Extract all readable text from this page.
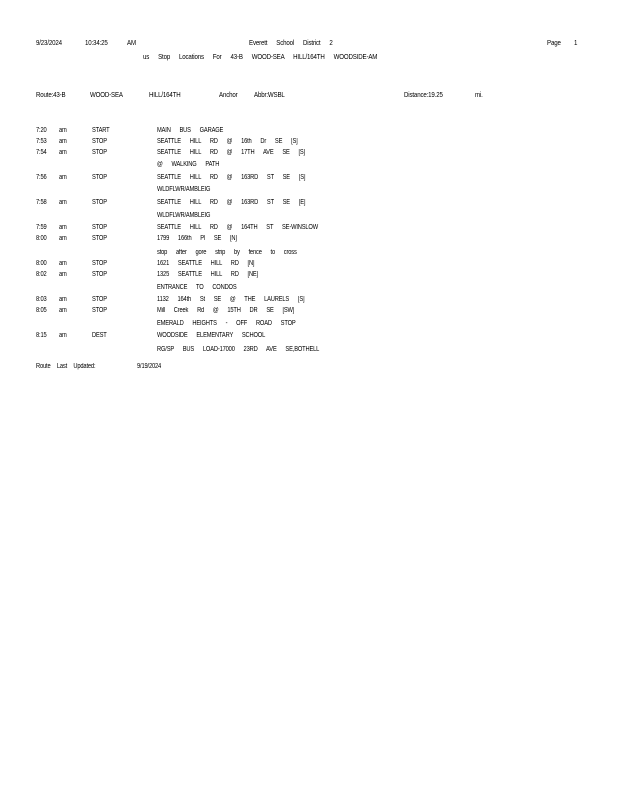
9/23/2024	10:34:25	AM	Everett School District 2	Page 1
us Stop Locations For 43-B WOOD-SEA HILL/164TH WOODSIDE-AM
Route:43-B	WOOD-SEA	HILL/164TH	Anchor Abbr:WSBL	Distance:19.25	mi.
7:20 am	START	MAIN BUS GARAGE
7:53 am	STOP	SEATTLE HILL RD @ 16th Dr SE [S]
7:54 am	STOP	SEATTLE HILL RD @ 17TH AVE SE [S]
@ WALKING PATH
7:56 am	STOP	SEATTLE HILL RD @ 163RD ST SE [S]
WLDFLWR/AMBLEIG
7:58 am	STOP	SEATTLE HILL RD @ 163RD ST SE [E]
WLDFLWR/AMBLEIG
7:59 am	STOP	SEATTLE HILL RD @ 164TH ST SE-WINSLOW
8:00 am	STOP	1799 166th Pl SE [N]
stop after gore strip by fence to cross
8:00 am	STOP	1621 SEATTLE HILL RD [N]
8:02 am	STOP	1325 SEATTLE HILL RD [NE]
ENTRANCE TO CONDOS
8:03 am	STOP	1132 164th St SE @ THE LAURELS [S]
8:05 am	STOP	Mill Creek Rd @ 15TH DR SE [SW]
EMERALD HEIGHTS - OFF ROAD STOP
8:15 am	DEST	WOODSIDE ELEMENTARY SCHOOL
RG/SP BUS LOAD-17000 23RD AVE SE,BOTHELL
Route Last Updated:	9/19/2024
